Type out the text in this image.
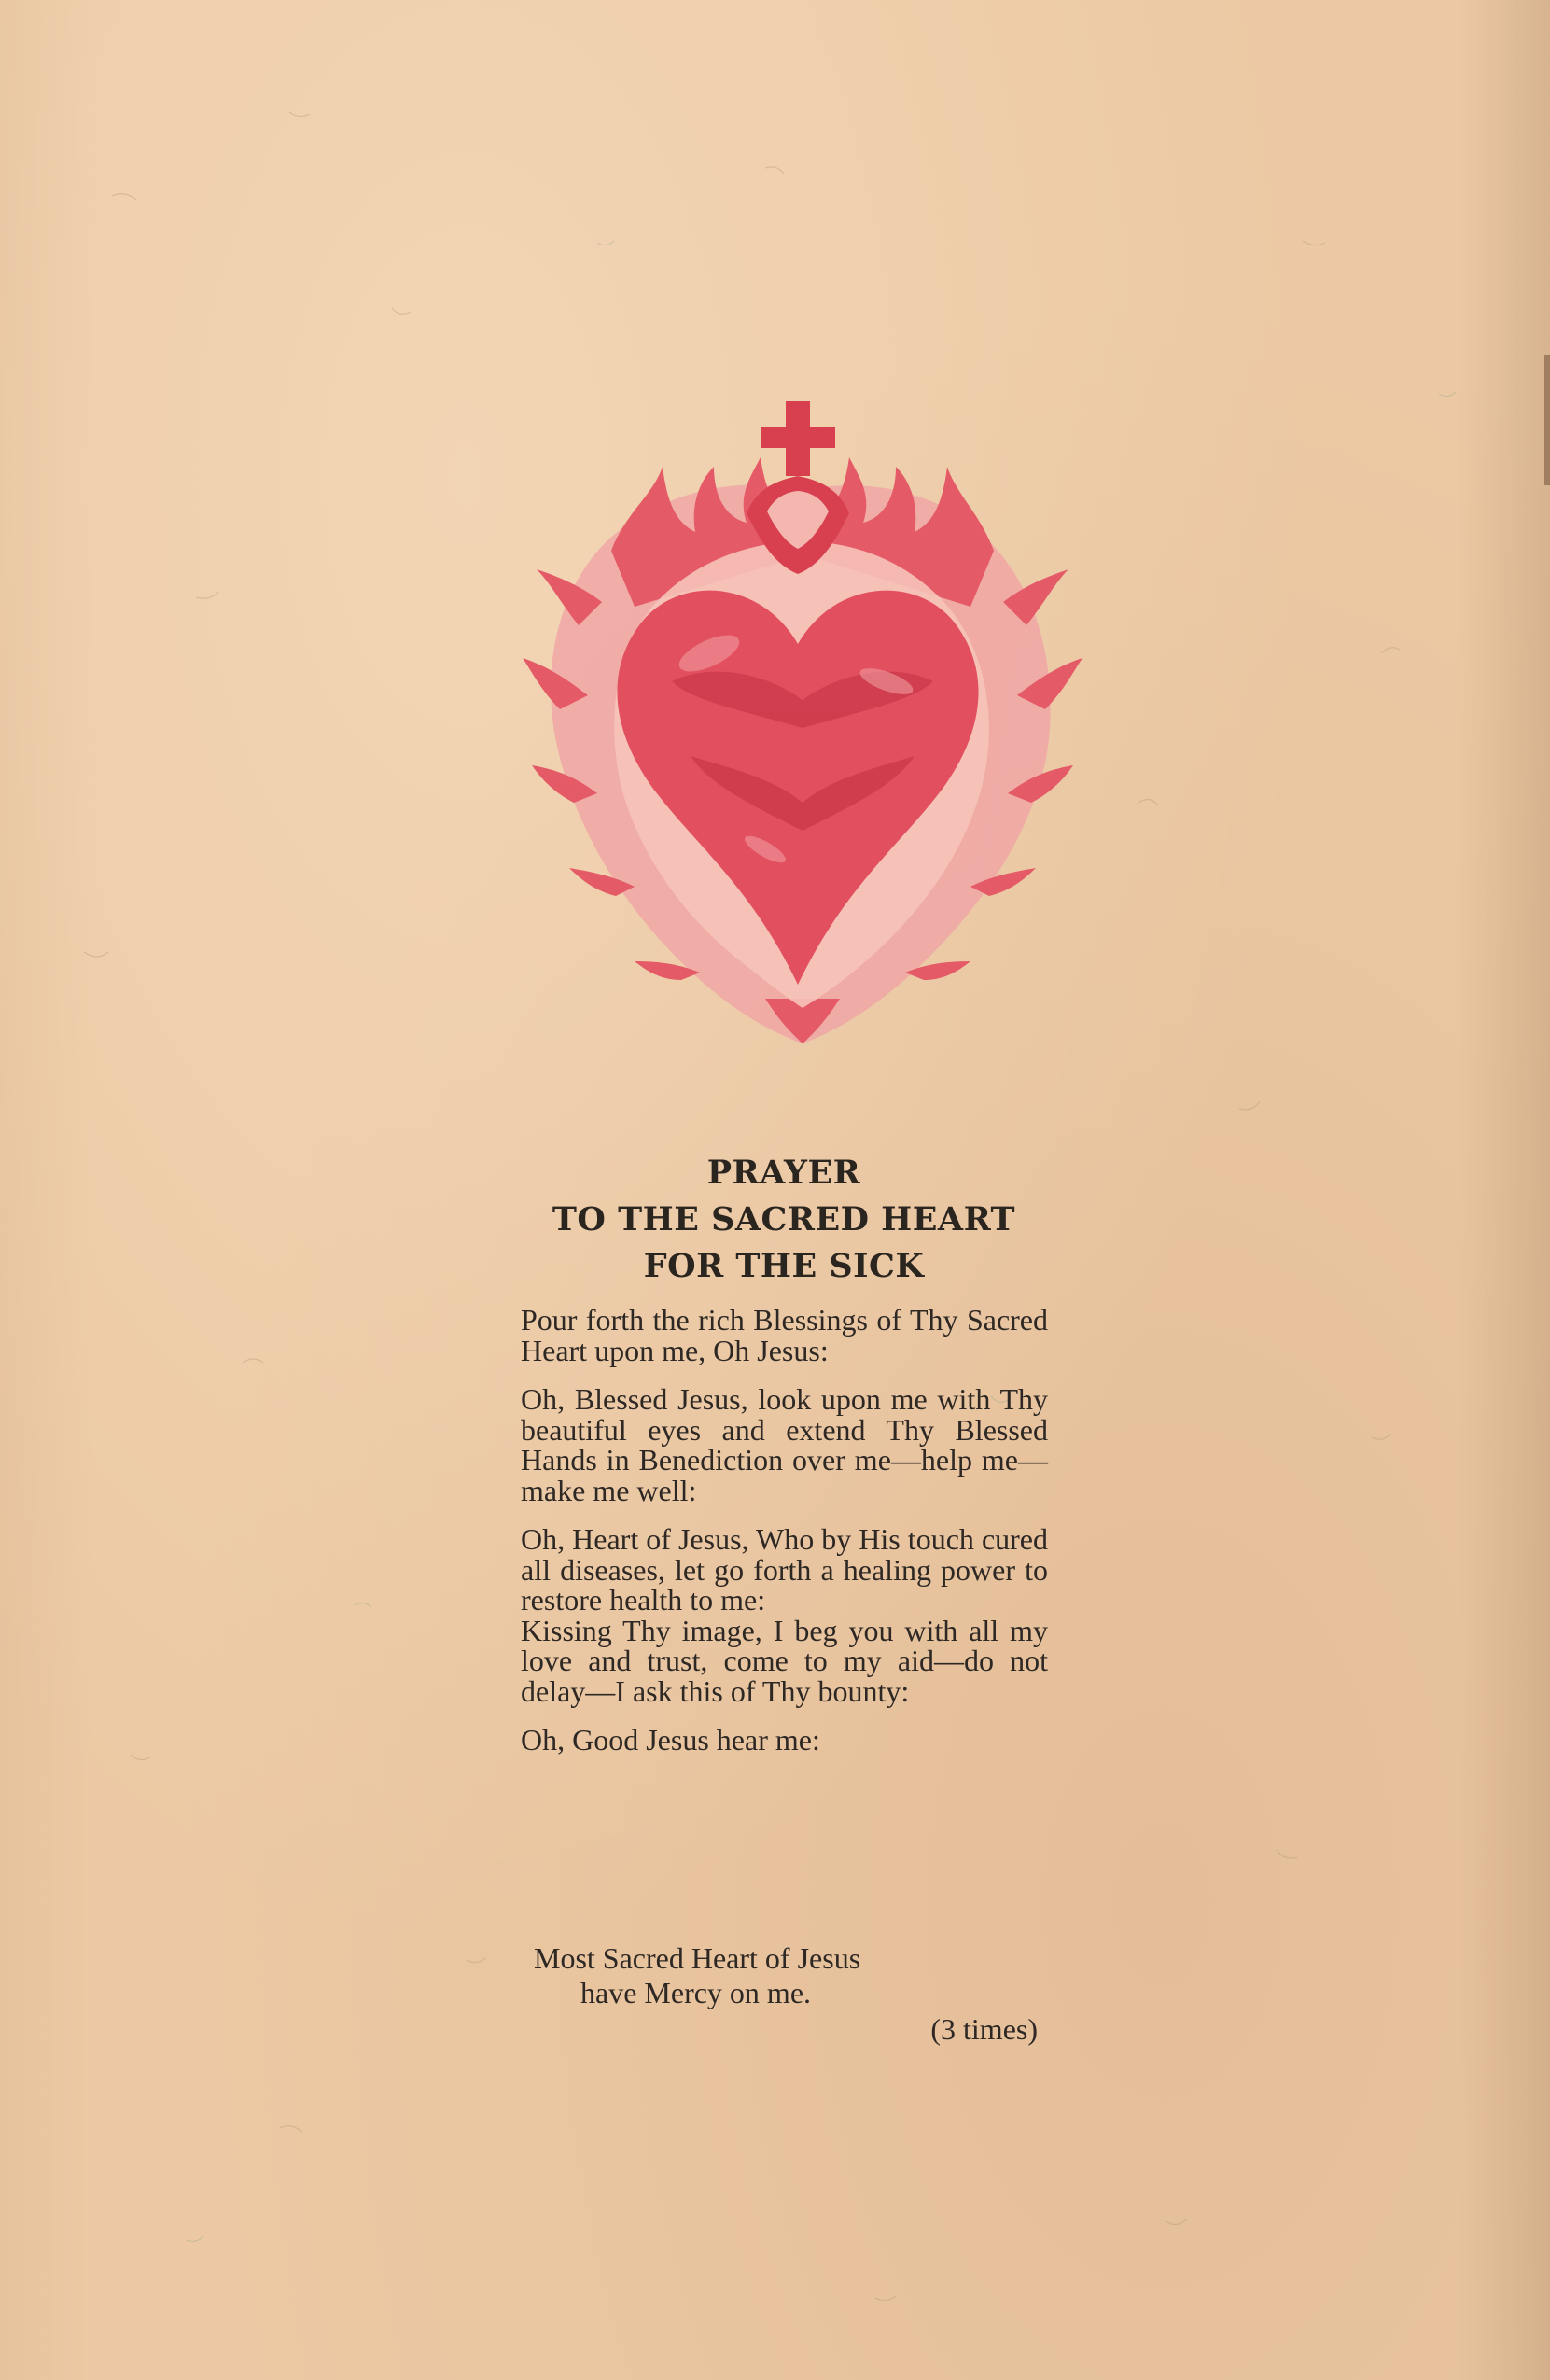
PRAYER
TO THE SACRED HEART
FOR THE SICK

Pour forth the rich Blessings of Thy Sacred Heart upon me, Oh Jesus:

Oh, Blessed Jesus, look upon me with Thy beautiful eyes and extend Thy Blessed Hands in Benediction over me—help me— make me well:

Oh, Heart of Jesus, Who by His touch cured all diseases, let go forth a healing power to restore health to me:

Kissing Thy image, I beg you with all my love and trust, come to my aid—do not delay—I ask this of Thy bounty:

Oh, Good Jesus hear me:

Most Sacred Heart of Jesus
have Mercy on me.
(3 times)
